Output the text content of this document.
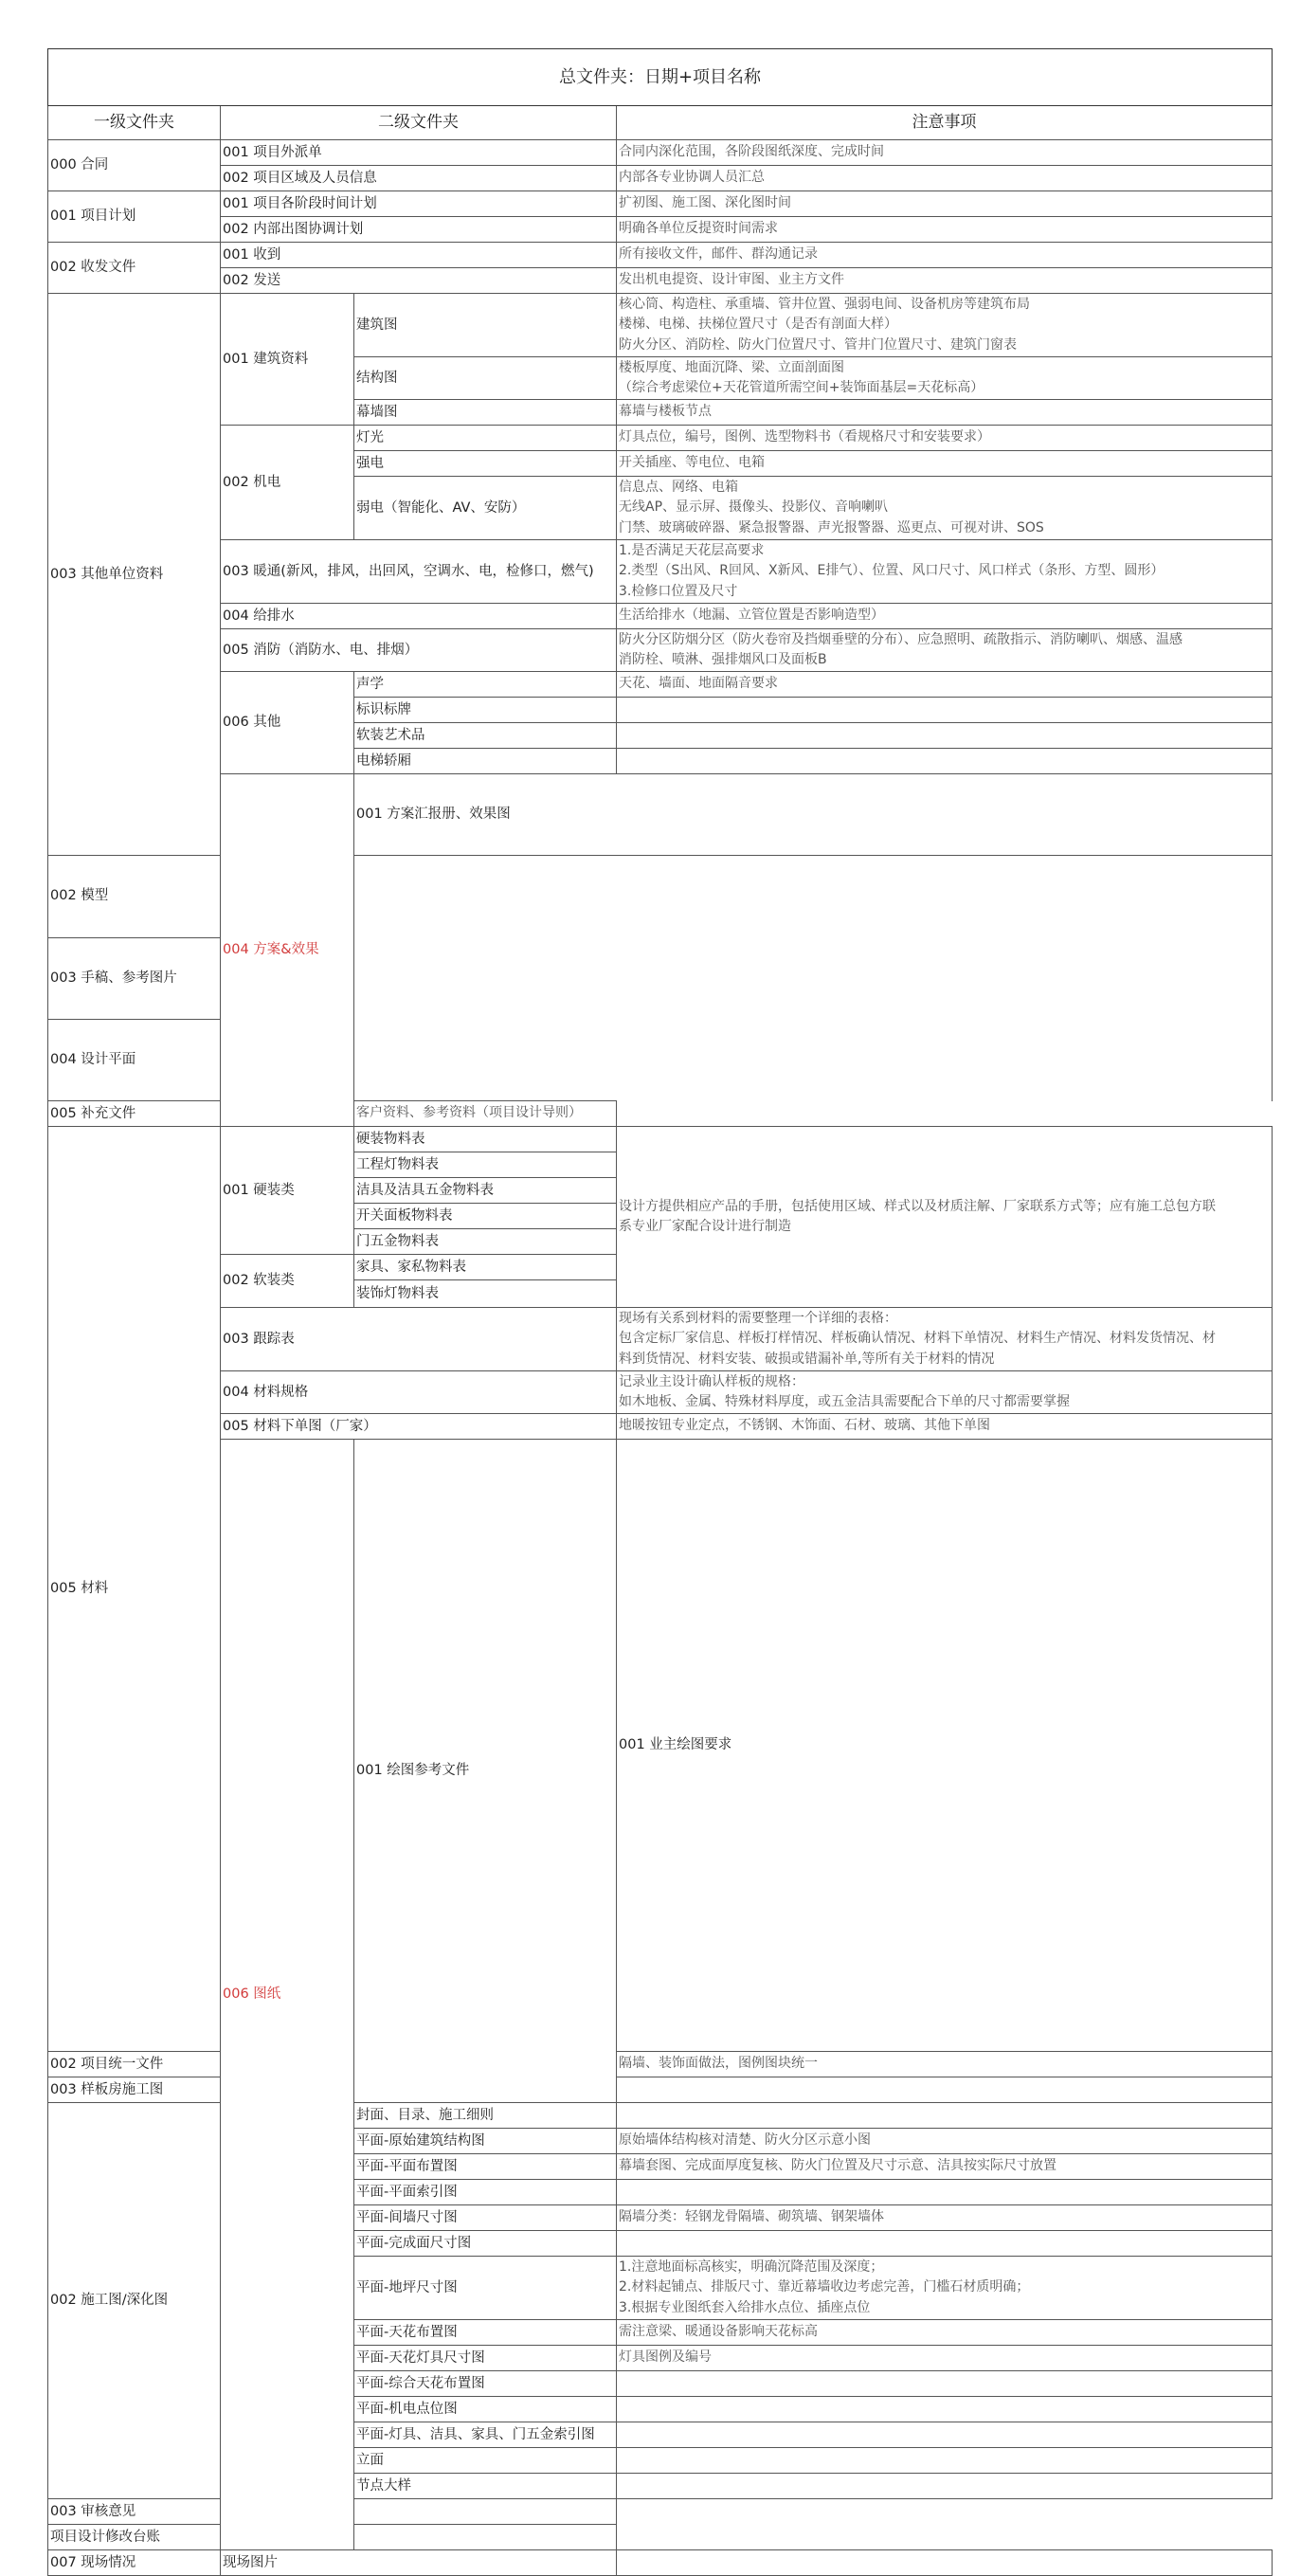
总文件夹：日期+项目名称				
一级文件夹	二级文件夹		注意事项	
000 合同	001 项目外派单		合同内深化范围，各阶段图纸深度、完成时间	
	002 项目区域及人员信息		内部各专业协调人员汇总	
001 项目计划	001 项目各阶段时间计划		扩初图、施工图、深化图时间	
	002 内部出图协调计划		明确各单位反提资时间需求	
002 收发文件	001 收到		所有接收文件，邮件、群沟通记录	
	002 发送		发出机电提资、设计审图、业主方文件	
003 其他单位资料	001 建筑资料	建筑图	核心筒、构造柱、承重墙、管井位置、强弱电间、设备机房等建筑布局
楼梯、电梯、扶梯位置尺寸（是否有剖面大样）
防火分区、消防栓、防火门位置尺寸、管井门位置尺寸、建筑门窗表	

		结构图	楼板厚度、地面沉降、梁、立面剖面图
（综合考虑梁位+天花管道所需空间+装饰面基层=天花标高）	

		幕墙图	幕墙与楼板节点	
	002 机电	灯光	灯具点位，编号，图例、选型物料书（看规格尺寸和安装要求）	
		强电	开关插座、等电位、电箱	
		弱电（智能化、AV、安防）	信息点、网络、电箱
无线AP、显示屏、摄像头、投影仪、音响喇叭
门禁、玻璃破碎器、紧急报警器、声光报警器、巡更点、可视对讲、SOS	

	003 暖通(新风，排风，出回风，空调水、电，检修口，燃气)		1.是否满足天花层高要求
2.类型（S出风、R回风、X新风、E排气）、位置、风口尺寸、风口样式（条形、方型、圆形）
3.检修口位置及尺寸	

	004 给排水		生活给排水（地漏、立管位置是否影响造型）	
	005 消防（消防水、电、排烟）		防火分区防烟分区（防火卷帘及挡烟垂壁的分布）、应急照明、疏散指示、消防喇叭、烟感、温感
消防栓、喷淋、强排烟风口及面板B	

	006 其他	声学	天花、墙面、地面隔音要求	
		标识标牌		
		软装艺术品		
		电梯轿厢		
	004 方案&效果	001 方案汇报册、效果图	
002 模型				
003 手稿、参考图片				
004 设计平面				
005 补充文件		客户资料、参考资料（项目设计导则）		
005 材料	001 硬装类	硬装物料表	设计方提供相应产品的手册，包括使用区域、样式以及材质注解、厂家联系方式等；应有施工总包方联
系专业厂家配合设计进行制造	

		工程灯物料表		
		洁具及洁具五金物料表		
		开关面板物料表		
		门五金物料表		
	002 软装类	家具、家私物料表		
		装饰灯物料表		
	003 跟踪表		现场有关系到材料的需要整理一个详细的表格：
包含定标厂家信息、样板打样情况、样板确认情况、材料下单情况、材料生产情况、材料发货情况、材
料到货情况、材料安装、破损或错漏补单,等所有关于材料的情况	

	004 材料规格		记录业主设计确认样板的规格：
如木地板、金属、特殊材料厚度，或五金洁具需要配合下单的尺寸都需要掌握	

	005 材料下单图（厂家）		地暖按钮专业定点，不锈钢、木饰面、石材、玻璃、其他下单图	
	006 图纸	001 绘图参考文件	001 业主绘图要求	
002 项目统一文件			隔墙、装饰面做法，图例图块统一	
003 样板房施工图				
002 施工图/深化图		封面、目录、施工细则		
		平面-原始建筑结构图	原始墙体结构核对清楚、防火分区示意小图	
		平面-平面布置图	幕墙套图、完成面厚度复核、防火门位置及尺寸示意、洁具按实际尺寸放置	
		平面-平面索引图		
		平面-间墙尺寸图	隔墙分类：轻钢龙骨隔墙、砌筑墙、钢架墙体	
		平面-完成面尺寸图		
		平面-地坪尺寸图	1.注意地面标高核实，明确沉降范围及深度；
2.材料起铺点、排版尺寸、靠近幕墙收边考虑完善，门槛石材质明确；
3.根据专业图纸套入给排水点位、插座点位	

		平面-天花布置图	需注意梁、暖通设备影响天花标高	
		平面-天花灯具尺寸图	灯具图例及编号	
		平面-综合天花布置图		
		平面-机电点位图		
		平面-灯具、洁具、家具、门五金索引图		
		立面		
		节点大样		
003 审核意见				
项目设计修改台账				
007 现场情况	现场图片			
